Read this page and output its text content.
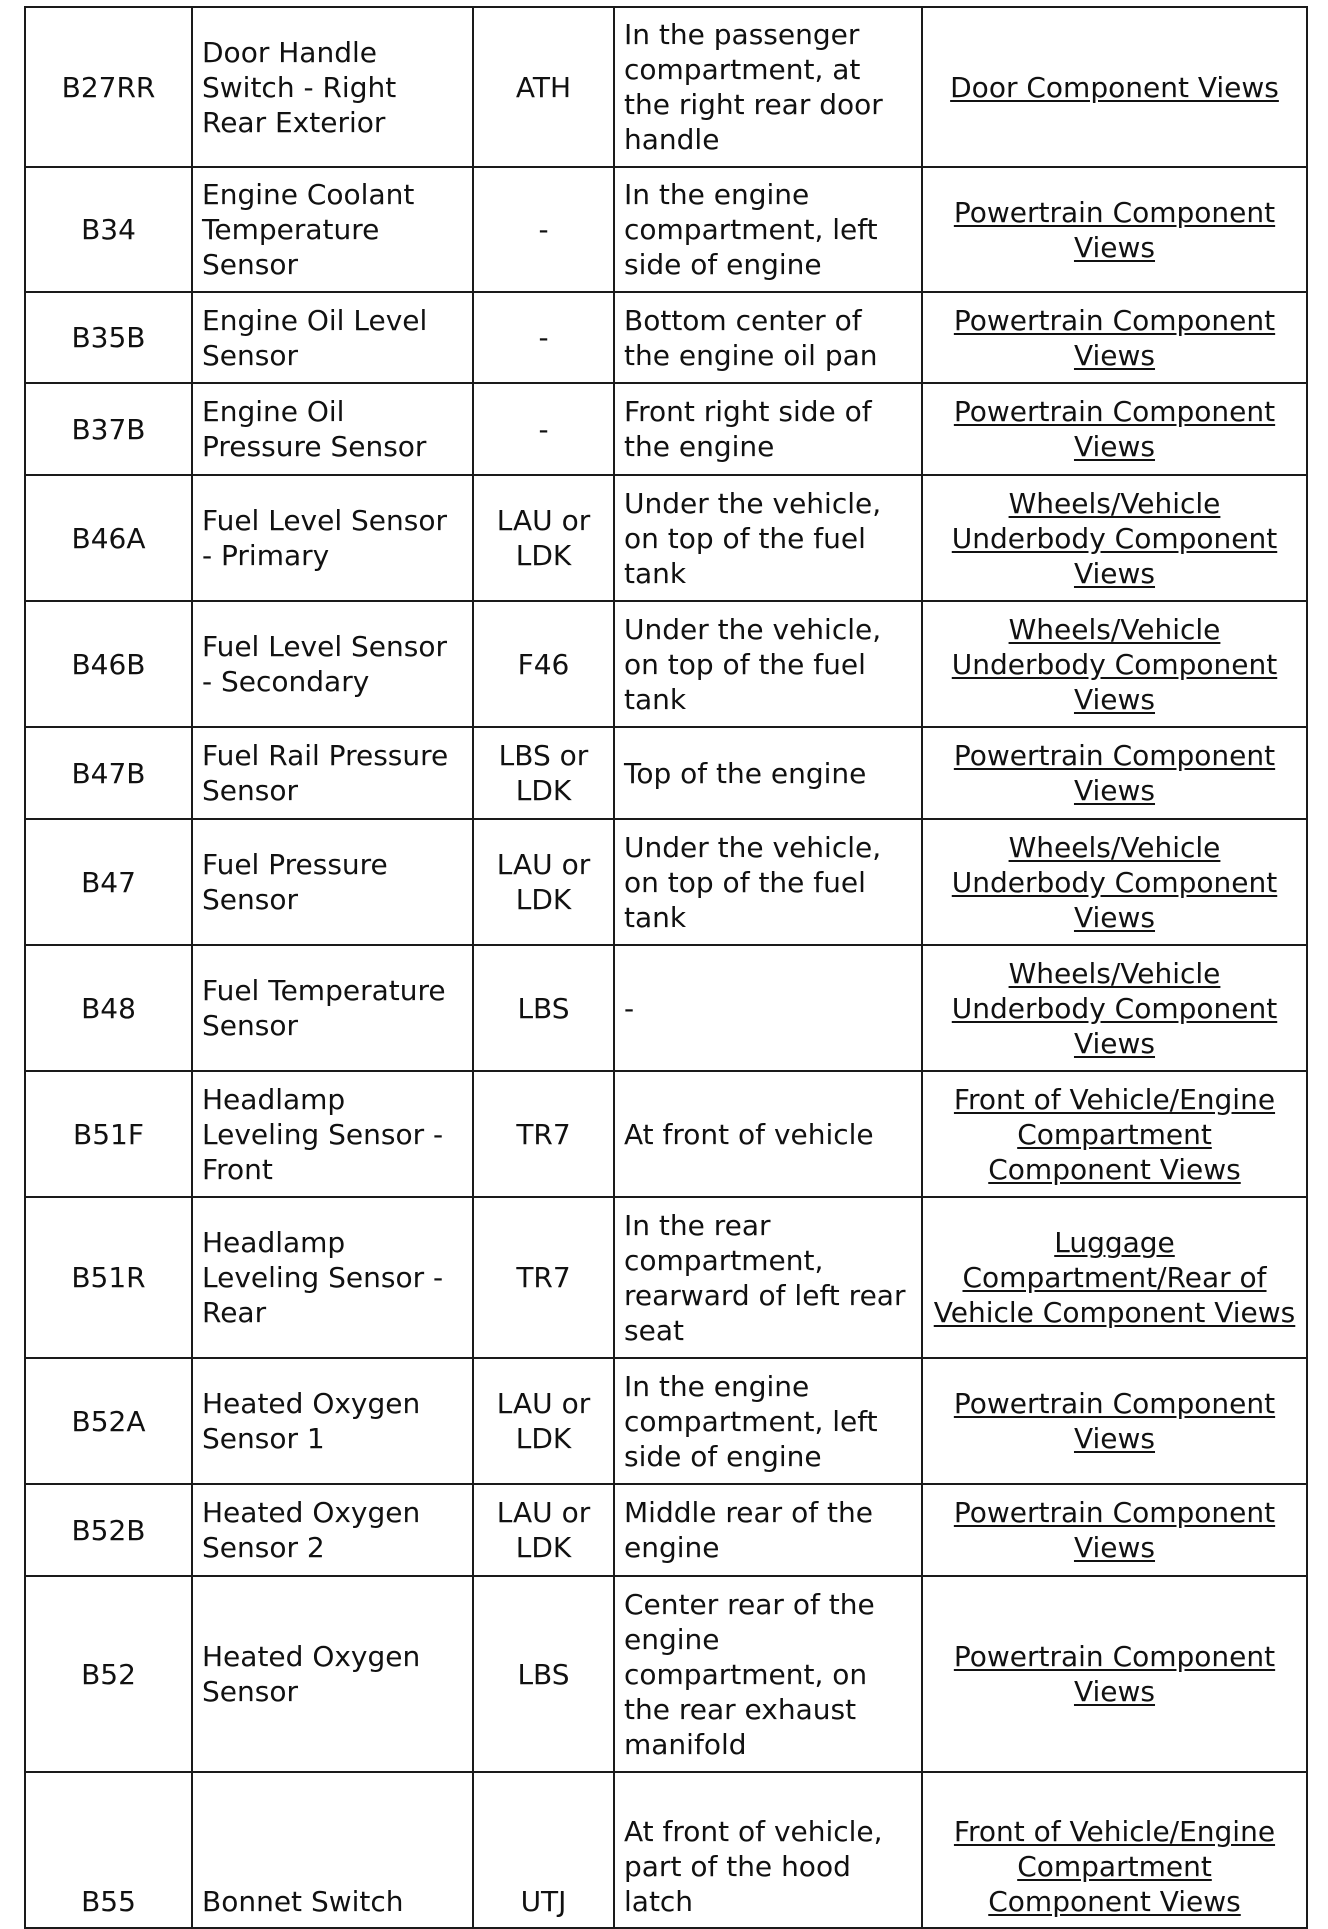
B27RR	Door Handle Switch - Right Rear Exterior	ATH	In the passenger compartment, at the right rear door handle	Door Component Views
B34	Engine Coolant Temperature Sensor	-	In the engine compartment, left side of engine	Powertrain Component Views
B35B	Engine Oil Level Sensor	-	Bottom center of the engine oil pan	Powertrain Component Views
B37B	Engine Oil Pressure Sensor	-	Front right side of the engine	Powertrain Component Views
B46A	Fuel Level Sensor - Primary	LAU or LDK	Under the vehicle, on top of the fuel tank	Wheels/Vehicle Underbody Component Views
B46B	Fuel Level Sensor - Secondary	F46	Under the vehicle, on top of the fuel tank	Wheels/Vehicle Underbody Component Views
B47B	Fuel Rail Pressure Sensor	LBS or LDK	Top of the engine	Powertrain Component Views
B47	Fuel Pressure Sensor	LAU or LDK	Under the vehicle, on top of the fuel tank	Wheels/Vehicle Underbody Component Views
B48	Fuel Temperature Sensor	LBS	-	Wheels/Vehicle Underbody Component Views
B51F	Headlamp Leveling Sensor - Front	TR7	At front of vehicle	Front of Vehicle/Engine Compartment Component Views
B51R	Headlamp Leveling Sensor - Rear	TR7	In the rear compartment, rearward of left rear seat	Luggage Compartment/Rear of Vehicle Component Views
B52A	Heated Oxygen Sensor 1	LAU or LDK	In the engine compartment, left side of engine	Powertrain Component Views
B52B	Heated Oxygen Sensor 2	LAU or LDK	Middle rear of the engine	Powertrain Component Views
B52	Heated Oxygen Sensor	LBS	Center rear of the engine compartment, on the rear exhaust manifold	Powertrain Component Views
B55	Bonnet Switch	UTJ	At front of vehicle, part of the hood latch	Front of Vehicle/Engine Compartment Component Views
